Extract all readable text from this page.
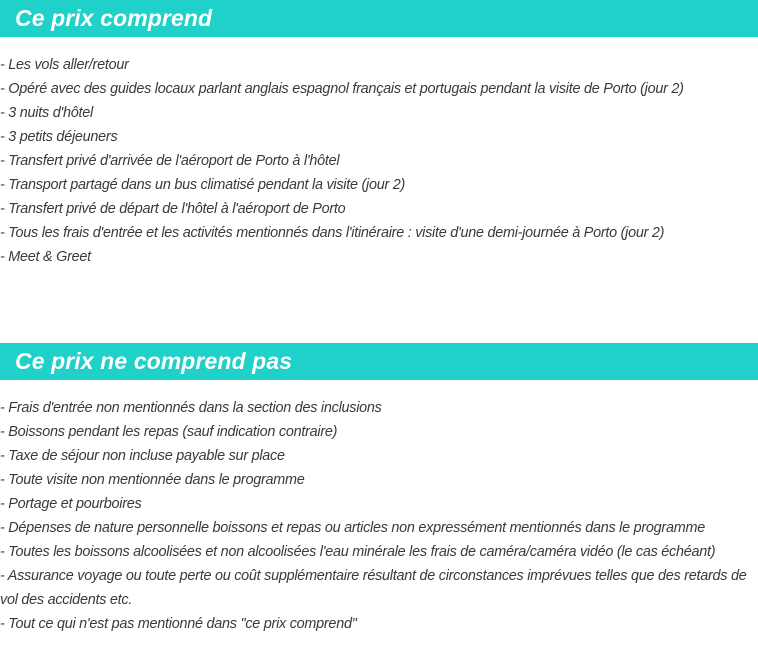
Ce prix comprend
- Les vols aller/retour
- Opéré avec des guides locaux parlant anglais espagnol français et portugais pendant la visite de Porto (jour 2)
- 3 nuits d'hôtel
- 3 petits déjeuners
- Transfert privé d'arrivée de l'aéroport de Porto à l'hôtel
- Transport partagé dans un bus climatisé pendant la visite (jour 2)
- Transfert privé de départ de l'hôtel à l'aéroport de Porto
- Tous les frais d'entrée et les activités mentionnés dans l'itinéraire : visite d'une demi-journée à Porto (jour 2)
- Meet & Greet
Ce prix ne comprend pas
- Frais d'entrée non mentionnés dans la section des inclusions
- Boissons pendant les repas (sauf indication contraire)
- Taxe de séjour non incluse payable sur place
- Toute visite non mentionnée dans le programme
- Portage et pourboires
- Dépenses de nature personnelle boissons et repas ou articles non expressément mentionnés dans le programme
- Toutes les boissons alcoolisées et non alcoolisées l'eau minérale les frais de caméra/caméra vidéo (le cas échéant)
- Assurance voyage ou toute perte ou coût supplémentaire résultant de circonstances imprévues telles que des retards de vol des accidents etc.
- Tout ce qui n'est pas mentionné dans "ce prix comprend"
